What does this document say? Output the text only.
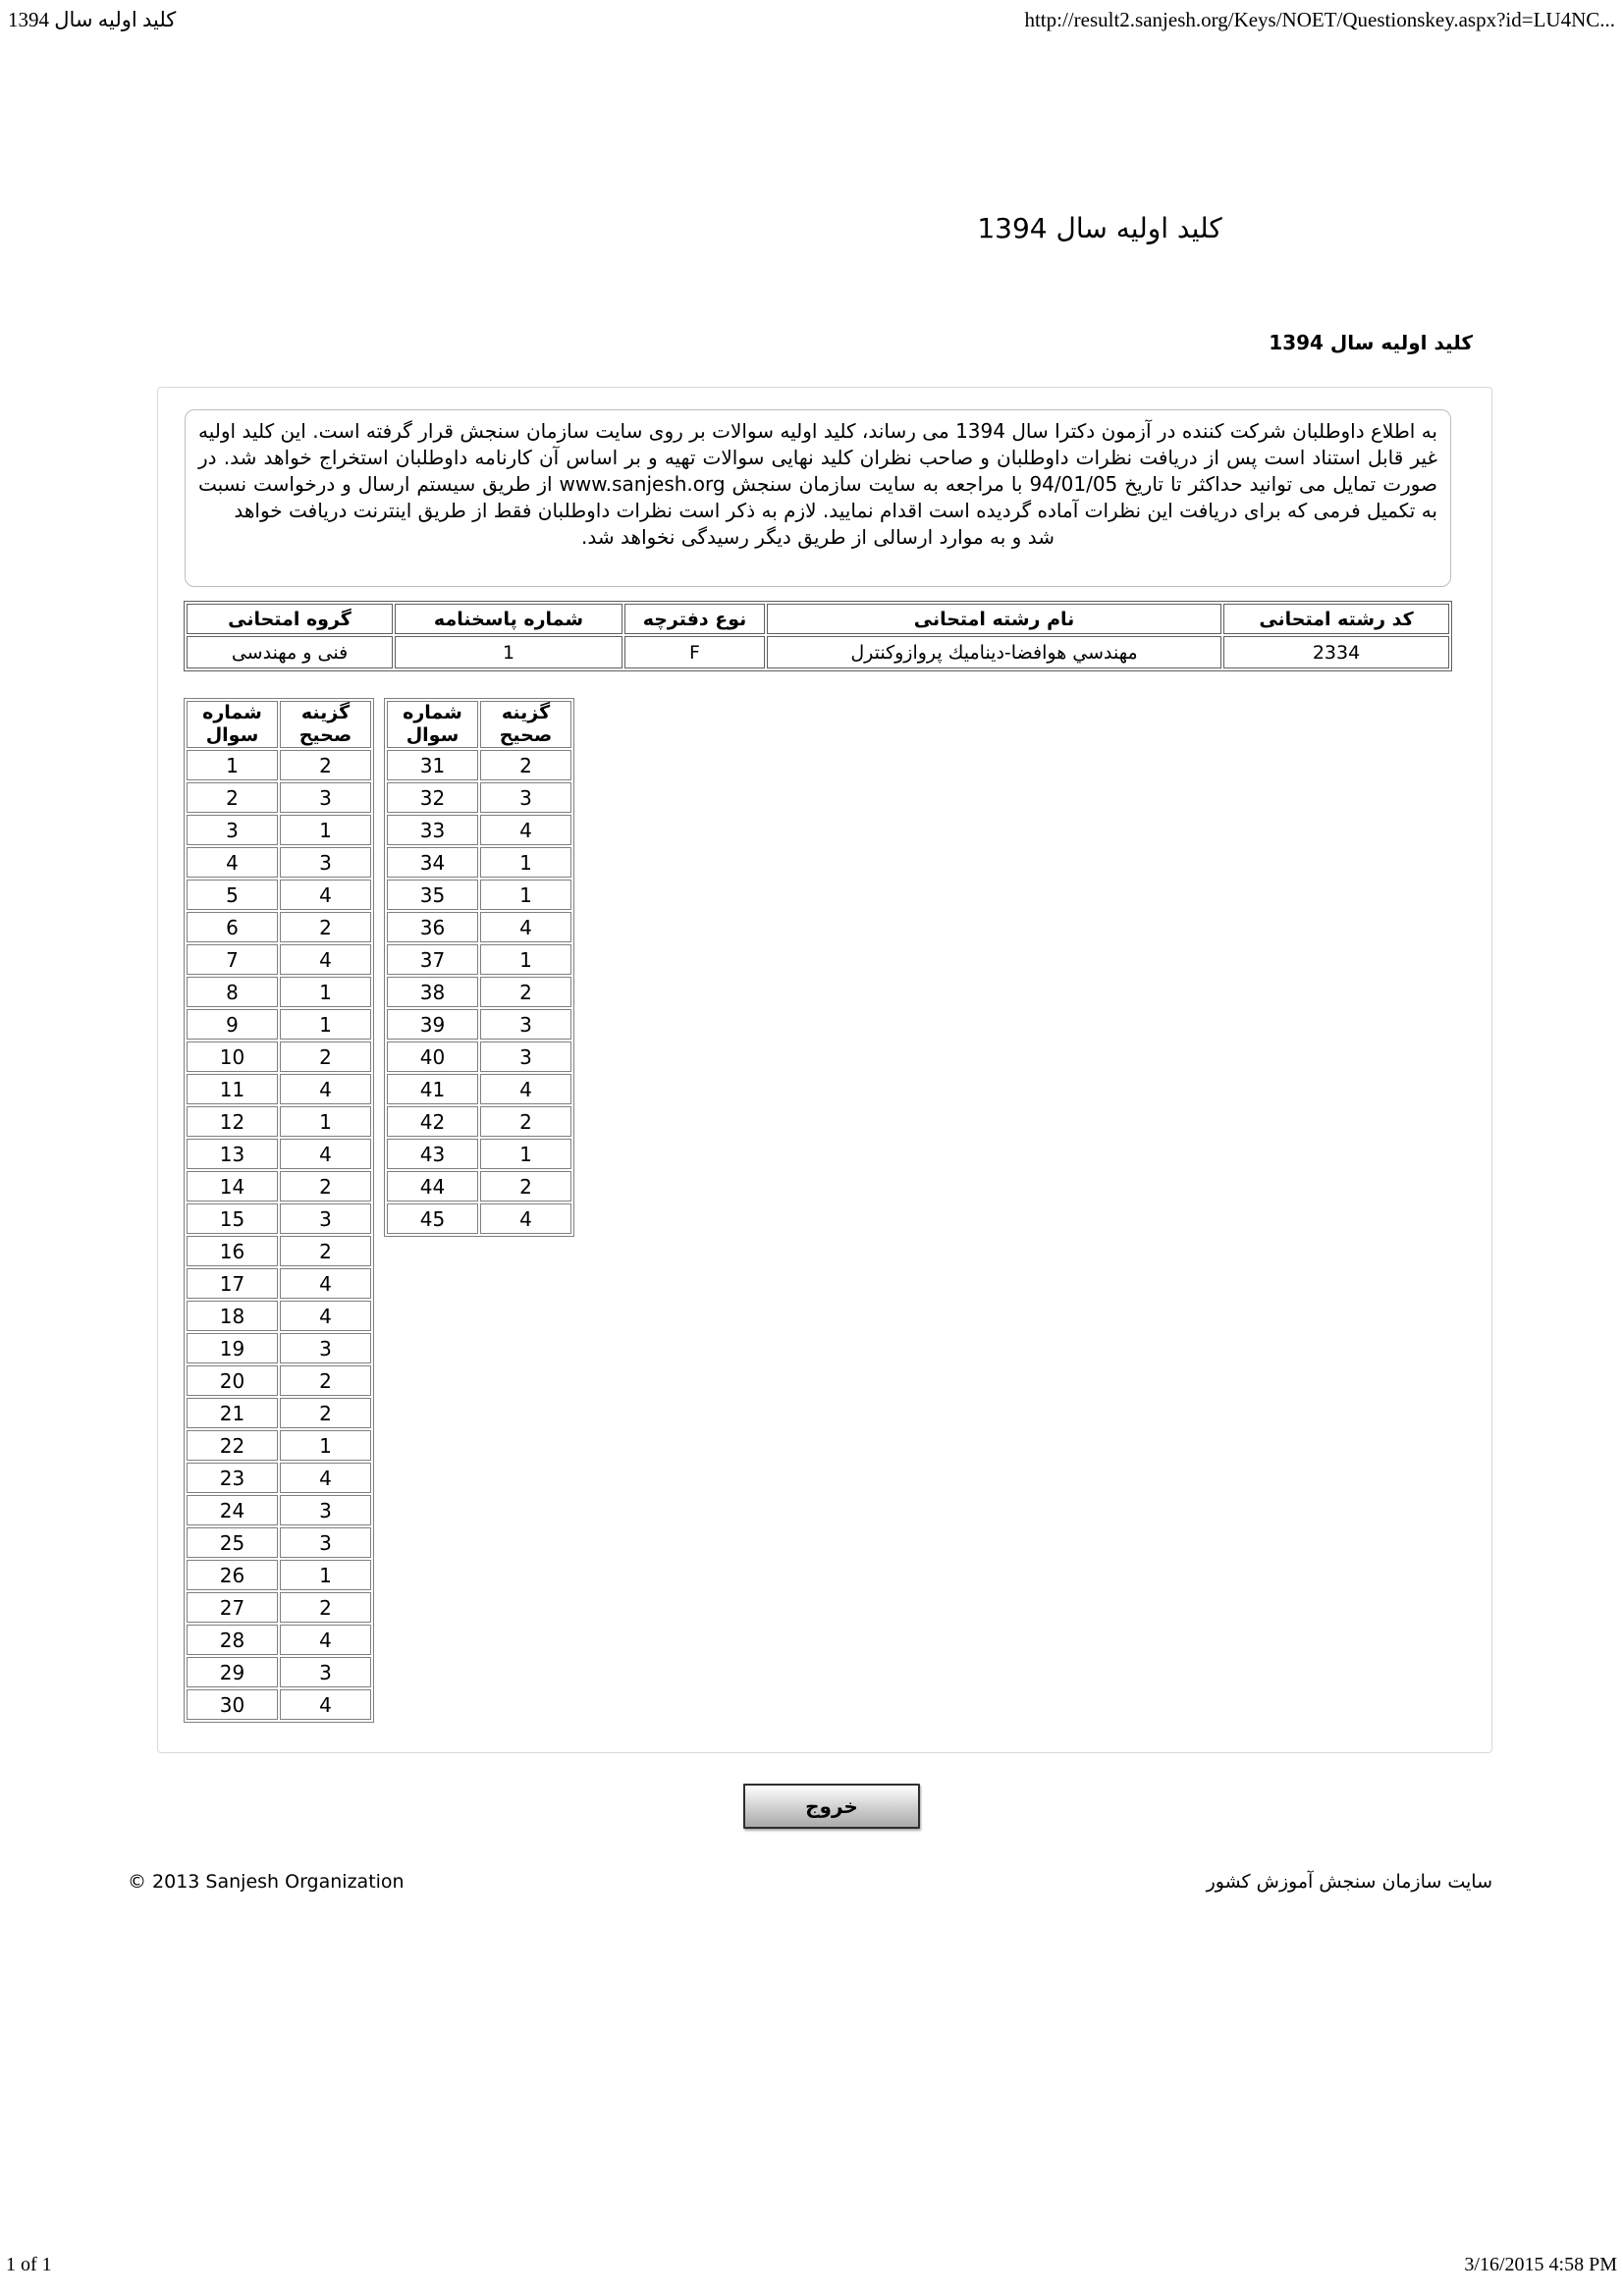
کلید اولیه سال 1394	http://result2.sanjesh.org/Keys/NOET/Questionskey.aspx?id=LU4NC...
کلید اولیه سال 1394
کلید اولیه سال 1394
به اطلاع داوطلبان شرکت کننده در آزمون دکترا سال 1394 می رساند، کلید اولیه سوالات بر روی سایت سازمان سنجش قرار گرفته است. این کلید اولیه غیر قابل استناد است پس از دریافت نظرات داوطلبان و صاحب نظران کلید نهایی سوالات تهیه و بر اساس آن کارنامه داوطلبان استخراج خواهد شد. در صورت تمایل می توانید حداکثر تا تاریخ 94/01/05 با مراجعه به سایت سازمان سنجش www.sanjesh.org از طریق سیستم ارسال و درخواست نسبت به تکمیل فرمی که برای دریافت این نظرات آماده گردیده است اقدام نمایید. لازم به ذکر است نظرات داوطلبان فقط از طریق اینترنت دریافت خواهد
شد و به موارد ارسالی از طریق دیگر رسیدگی نخواهد شد.
گروه امتحانی	شماره پاسخنامه	نوع دفترچه	نام رشته امتحانی	کد رشته امتحانی
فنی و مهندسی	1	F	مهندسي هوافضا-ديناميك پروازوكنترل	2334
شماره
سوال	گزینه
صحیح
1	2
2	3
3	1
4	3
5	4
6	2
7	4
8	1
9	1
10	2
11	4
12	1
13	4
14	2
15	3
16	2
17	4
18	4
19	3
20	2
21	2
22	1
23	4
24	3
25	3
26	1
27	2
28	4
29	3
30	4
شماره
سوال	گزینه
صحیح
31	2
32	3
33	4
34	1
35	1
36	4
37	1
38	2
39	3
40	3
41	4
42	2
43	1
44	2
45	4
خروج
© 2013 Sanjesh Organization	سایت سازمان سنجش آموزش کشور
1 of 1	3/16/2015 4:58 PM
